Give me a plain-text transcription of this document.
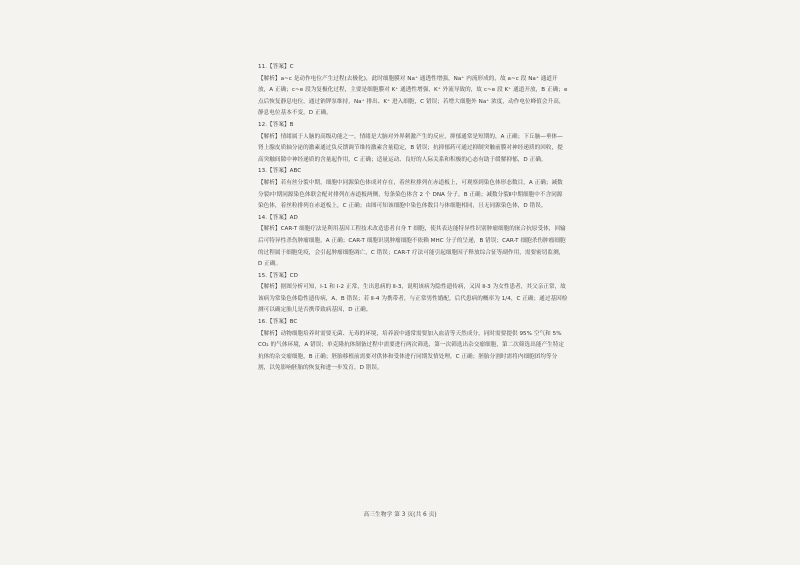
11.【答案】C
【解析】a~c 是动作电位产生过程(去极化)，此时细胞膜对 Na⁺ 通透性增强，Na⁺ 内流形成的，故 a~c 段 Na⁺ 通道开放，A 正确；c~e 段为复极化过程，主要是细胞膜对 K⁺ 通透性增强，K⁺ 外流导致的，故 c~e 段 K⁺ 通道开放，B 正确；e 点后恢复静息电位，通过钠钾泵维持，Na⁺ 排出、K⁺ 进入细胞，C 错误；若增大细胞外 Na⁺ 浓度，动作电位峰值会升高，静息电位基本不变，D 正确。
12.【答案】B
【解析】情绪属于人脑的高级功能之一，情绪是大脑对外界刺激产生的反应，抑郁通常是短期的，A 正确；下丘脑—垂体—肾上腺皮质轴分泌的激素通过负反馈调节维持激素含量稳定，B 错误；抗抑郁药可通过抑制突触前膜对神经递质的回收，提高突触间隙中神经递质的含量起作用，C 正确；适量运动、良好的人际关系和积极的心态有助于缓解抑郁，D 正确。
13.【答案】ABC
【解析】若有丝分裂中期，细胞中同源染色体成对存在，着丝粒排列在赤道板上，可观察到染色体形态数目，A 正确；减数分裂Ⅰ中期同源染色体联会配对排列在赤道板两侧，每条染色体含 2 个 DNA 分子，B 正确；减数分裂Ⅱ中期细胞中不含同源染色体，着丝粒排列在赤道板上，C 正确；由图可知该细胞中染色体数目与体细胞相同，且无同源染色体，D 错误。
14.【答案】AD
【解析】CAR-T 细胞疗法是利用基因工程技术改造患者自身 T 细胞，使其表达能特异性识别肿瘤细胞的嵌合抗原受体，回输后可特异性杀伤肿瘤细胞，A 正确；CAR-T 细胞识别肿瘤细胞不依赖 MHC 分子的呈递，B 错误；CAR-T 细胞杀伤肿瘤细胞的过程属于细胞免疫，会引起肿瘤细胞凋亡，C 错误；CAR-T 疗法可能引起细胞因子释放综合征等副作用，需要密切监测，D 正确。
15.【答案】CD
【解析】据图分析可知，Ⅰ-1 和 Ⅰ-2 正常，生出患病的 Ⅱ-3，说明该病为隐性遗传病，又因 Ⅱ-3 为女性患者，其父亲正常，故该病为常染色体隐性遗传病，A、B 错误；若 Ⅱ-4 为携带者，与正常男性婚配，后代患病的概率为 1/4，C 正确；通过基因检测可以确定胎儿是否携带致病基因，D 正确。
16.【答案】BC
【解析】动物细胞培养时需要无菌、无毒的环境，培养液中通常需要加入血清等天然成分，同时需要提供 95% 空气和 5% CO₂ 的气体环境，A 错误；单克隆抗体制备过程中需要进行两次筛选，第一次筛选出杂交瘤细胞，第二次筛选出能产生特定抗体的杂交瘤细胞，B 正确；胚胎移植前需要对供体和受体进行同期发情处理，C 正确；胚胎分割时需将内细胞团均等分割，以免影响胚胎的恢复和进一步发育，D 错误。
高三生物学 第 3 页(共 6 页)
